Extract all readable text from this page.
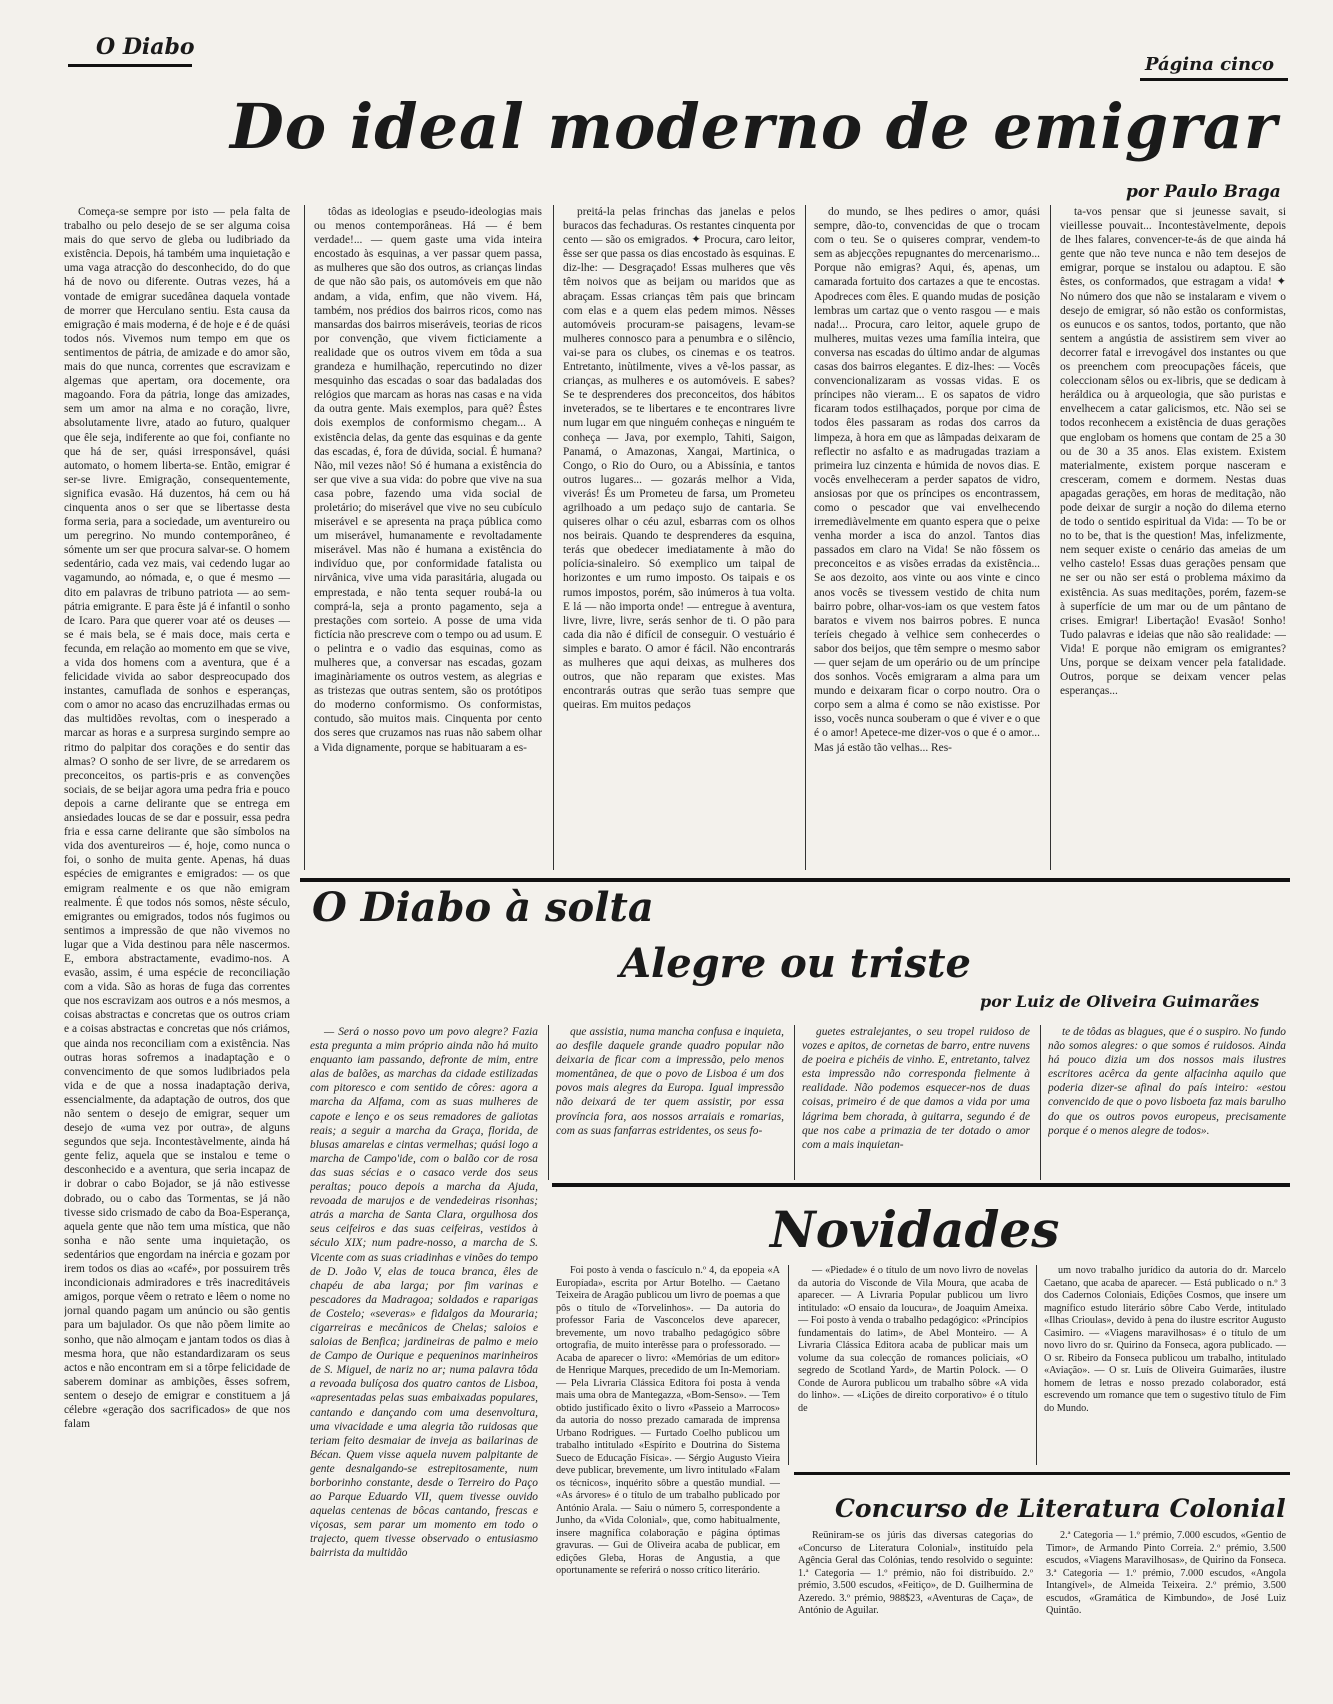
O Diabo
Página cinco
Do ideal moderno de emigrar
por Paulo Braga

Começa-se sempre por isto — pela falta de trabalho ou pelo desejo de se ser alguma coisa mais do que servo de gleba ou ludibriado da existência. Depois, há também uma inquietação e uma vaga atracção do desconhecido, do do que há de novo ou diferente. Outras vezes, há a vontade de emigrar sucedânea daquela vontade de morrer que Herculano sentiu. Esta causa da emigração é mais moderna, é de hoje e é de quási todos nós. Vivemos num tempo em que os sentimentos de pátria, de amizade e do amor são, mais do que nunca, correntes que escravizam e algemas que apertam, ora docemente, ora magoando. Fora da pátria, longe das amizades, sem um amor na alma e no coração, livre, absolutamente livre, atado ao futuro, qualquer que êle seja, indiferente ao que foi, confiante no que há de ser, quási irresponsável, quási automato, o homem liberta-se. Então, emigrar é ser-se livre. Emigração, consequentemente, significa evasão. Há duzentos, há cem ou há cinquenta anos o ser que se libertasse desta forma seria, para a sociedade, um aventureiro ou um peregrino. No mundo contemporâneo, é sómente um ser que procura salvar-se. O homem sedentário, cada vez mais, vai cedendo lugar ao vagamundo, ao nómada, e, o que é mesmo — dito em palavras de tribuno patriota — ao sem-pátria emigrante. E para êste já é infantil o sonho de Icaro. Para que querer voar até os deuses — se é mais bela, se é mais doce, mais certa e fecunda, em relação ao momento em que se vive, a vida dos homens com a aventura, que é a felicidade vivida ao sabor despreocupado dos instantes, camuflada de sonhos e esperanças, com o amor no acaso das encruzilhadas ermas ou das multidões revoltas, com o inesperado a marcar as horas e a surpresa surgindo sempre ao ritmo do palpitar dos corações e do sentir das almas? O sonho de ser livre, de se arredarem os preconceitos, os partis-pris e as convenções sociais, de se beijar agora uma pedra fria e pouco depois a carne delirante que se entrega em ansiedades loucas de se dar e possuir, essa pedra fria e essa carne delirante que são símbolos na vida dos aventureiros — é, hoje, como nunca o foi, o sonho de muita gente. Apenas, há duas espécies de emigrantes e emigrados: — os que emigram realmente e os que não emigram realmente. É que todos nós somos, nêste século, emigrantes ou emigrados, todos nós fugimos ou sentimos a impressão de que não vivemos no lugar que a Vida destinou para nêle nascermos. E, embora abstractamente, evadimo-nos. A evasão, assim, é uma espécie de reconciliação com a vida. São as horas de fuga das correntes que nos escravizam aos outros e a nós mesmos, a coisas abstractas e concretas que os outros criam e a coisas abstractas e concretas que nós criámos, que ainda nos reconciliam com a existência. Nas outras horas sofremos a inadaptação e o convencimento de que somos ludibriados pela vida e de que a nossa inadaptação deriva, essencialmente, da adaptação de outros, dos que não sentem o desejo de emigrar, sequer um desejo de «uma vez por outra», de alguns segundos que seja. Incontestàvelmente, ainda há gente feliz, aquela que se instalou e teme o desconhecido e a aventura, que seria incapaz de ir dobrar o cabo Bojador, se já não estivesse dobrado, ou o cabo das Tormentas, se já não tivesse sido crismado de cabo da Boa-Esperança, aquela gente que não tem uma mística, que não sonha e não sente uma inquietação, os sedentários que engordam na inércia e gozam por irem todos os dias ao «café», por possuirem três incondicionais admiradores e três inacreditáveis amigos, porque vêem o retrato e lêem o nome no jornal quando pagam um anúncio ou são gentis para um bajulador. Os que não põem limite ao sonho, que não almoçam e jantam todos os dias à mesma hora, que não estandardizaram os seus actos e não encontram em si a tôrpe felicidade de saberem dominar as ambições, êsses sofrem, sentem o desejo de emigrar e constituem a já célebre «geração dos sacrificados» de que nos falam

tôdas as ideologias e pseudo-ideologias mais ou menos contemporâneas. Há — é bem verdade!... — quem gaste uma vida inteira encostado às esquinas, a ver passar quem passa, as mulheres que são dos outros, as crianças lindas de que não são pais, os automóveis em que não andam, a vida, enfim, que não vivem. Há, também, nos prédios dos bairros ricos, como nas mansardas dos bairros miseráveis, teorias de ricos por convenção, que vivem ficticiamente a realidade que os outros vivem em tôda a sua grandeza e humilhação, repercutindo no dizer mesquinho das escadas o soar das badaladas dos relógios que marcam as horas nas casas e na vida da outra gente. Mais exemplos, para quê? Êstes dois exemplos de conformismo chegam... A existência delas, da gente das esquinas e da gente das escadas, é, fora de dúvida, social. É humana? Não, mil vezes não! Só é humana a existência do ser que vive a sua vida: do pobre que vive na sua casa pobre, fazendo uma vida social de proletário; do miserável que vive no seu cubículo miserável e se apresenta na praça pública como um miserável, humanamente e revoltadamente miserável. Mas não é humana a existência do indivíduo que, por conformidade fatalista ou nirvânica, vive uma vida parasitária, alugada ou emprestada, e não tenta sequer roubá-la ou comprá-la, seja a pronto pagamento, seja a prestações com sorteio. A posse de uma vida fictícia não prescreve com o tempo ou ad usum. E o pelintra e o vadio das esquinas, como as mulheres que, a conversar nas escadas, gozam imaginàriamente os outros vestem, as alegrias e as tristezas que outras sentem, são os protótipos do moderno conformismo. Os conformistas, contudo, são muitos mais. Cinquenta por cento dos seres que cruzamos nas ruas não sabem olhar a Vida dignamente, porque se habituaram a es-

preitá-la pelas frinchas das janelas e pelos buracos das fechaduras. Os restantes cinquenta por cento — são os emigrados. ✦ Procura, caro leitor, êsse ser que passa os dias encostado às esquinas. E diz-lhe: — Desgraçado! Essas mulheres que vês têm noivos que as beijam ou maridos que as abraçam. Essas crianças têm pais que brincam com elas e a quem elas pedem mimos. Nêsses automóveis procuram-se paisagens, levam-se mulheres connosco para a penumbra e o silêncio, vai-se para os clubes, os cinemas e os teatros. Entretanto, inùtilmente, vives a vê-los passar, as crianças, as mulheres e os automóveis. E sabes? Se te desprenderes dos preconceitos, dos hábitos inveterados, se te libertares e te encontrares livre num lugar em que ninguém conheças e ninguém te conheça — Java, por exemplo, Tahiti, Saigon, Panamá, o Amazonas, Xangai, Martinica, o Congo, o Rio do Ouro, ou a Abissínia, e tantos outros lugares... — gozarás melhor a Vida, viverás! És um Prometeu de farsa, um Prometeu agrilhoado a um pedaço sujo de cantaria. Se quiseres olhar o céu azul, esbarras com os olhos nos beirais. Quando te desprenderes da esquina, terás que obedecer imediatamente à mão do polícia-sinaleiro. Só exemplico um taipal de horizontes e um rumo imposto. Os taipais e os rumos impostos, porém, são inúmeros à tua volta. E lá — não importa onde! — entregue à aventura, livre, livre, livre, serás senhor de ti. O pão para cada dia não é difícil de conseguir. O vestuário é simples e barato. O amor é fácil. Não encontrarás as mulheres que aqui deixas, as mulheres dos outros, que não reparam que existes. Mas encontrarás outras que serão tuas sempre que queiras. Em muitos pedaços

do mundo, se lhes pedires o amor, quási sempre, dão-to, convencidas de que o trocam com o teu. Se o quiseres comprar, vendem-to sem as abjecções repugnantes do mercenarismo... Porque não emigras? Aqui, és, apenas, um camarada fortuito dos cartazes a que te encostas. Apodreces com êles. E quando mudas de posição lembras um cartaz que o vento rasgou — e mais nada!... Procura, caro leitor, aquele grupo de mulheres, muitas vezes uma família inteira, que conversa nas escadas do último andar de algumas casas dos bairros elegantes. E diz-lhes: — Vocês convencionalizaram as vossas vidas. E os príncipes não vieram... E os sapatos de vidro ficaram todos estilhaçados, porque por cima de todos êles passaram as rodas dos carros da limpeza, à hora em que as lâmpadas deixaram de reflectir no asfalto e as madrugadas traziam a primeira luz cinzenta e húmida de novos dias. E vocês envelheceram a perder sapatos de vidro, ansiosas por que os príncipes os encontrassem, como o pescador que vai envelhecendo irremediàvelmente em quanto espera que o peixe venha morder a isca do anzol. Tantos dias passados em claro na Vida! Se não fôssem os preconceitos e as visões erradas da existência... Se aos dezoito, aos vinte ou aos vinte e cinco anos vocês se tivessem vestido de chita num bairro pobre, olhar-vos-iam os que vestem fatos baratos e vivem nos bairros pobres. E nunca teríeis chegado à velhice sem conhecerdes o sabor dos beijos, que têm sempre o mesmo sabor — quer sejam de um operário ou de um príncipe dos sonhos. Vocês emigraram a alma para um mundo e deixaram ficar o corpo noutro. Ora o corpo sem a alma é como se não existisse. Por isso, vocês nunca souberam o que é viver e o que é o amor! Apetece-me dizer-vos o que é o amor... Mas já estão tão velhas... Res-

ta-vos pensar que si jeunesse savait, si vieillesse pouvait... Incontestàvelmente, depois de lhes falares, convencer-te-ás de que ainda há gente que não teve nunca e não tem desejos de emigrar, porque se instalou ou adaptou. E são êstes, os conformados, que estragam a vida! ✦ No número dos que não se instalaram e vivem o desejo de emigrar, só não estão os conformistas, os eunucos e os santos, todos, portanto, que não sentem a angústia de assistirem sem viver ao decorrer fatal e irrevogável dos instantes ou que os preenchem com preocupações fáceis, que coleccionam sêlos ou ex-libris, que se dedicam à heráldica ou à arqueologia, que são puristas e envelhecem a catar galicismos, etc. Não sei se todos reconhecem a existência de duas gerações que englobam os homens que contam de 25 a 30 ou de 30 a 35 anos. Elas existem. Existem materialmente, existem porque nasceram e cresceram, comem e dormem. Nestas duas apagadas gerações, em horas de meditação, não pode deixar de surgir a noção do dilema eterno de todo o sentido espiritual da Vida: — To be or no to be, that is the question! Mas, infelizmente, nem sequer existe o cenário das ameias de um velho castelo! Essas duas gerações pensam que ne ser ou não ser está o problema máximo da existência. As suas meditações, porém, fazem-se à superfície de um mar ou de um pântano de crises. Emigrar! Libertação! Evasão! Sonho! Tudo palavras e ideias que não são realidade: — Vida! E porque não emigram os emigrantes? Uns, porque se deixam vencer pela fatalidade. Outros, porque se deixam vencer pelas esperanças...

O Diabo à solta
Alegre ou triste
por Luiz de Oliveira Guimarães

— Será o nosso povo um povo alegre? Fazia esta pregunta a mim próprio ainda não há muito enquanto iam passando, defronte de mim, entre alas de balões, as marchas da cidade estilizadas com pitoresco e com sentido de côres: agora a marcha da Alfama, com as suas mulheres de capote e lenço e os seus remadores de galiotas reais; a seguir a marcha da Graça, florida, de blusas amarelas e cintas vermelhas; quási logo a marcha de Campo'ide, com o balão cor de rosa das suas sécias e o casaco verde dos seus peraltas; pouco depois a marcha da Ajuda, revoada de marujos e de vendedeiras risonhas; atrás a marcha de Santa Clara, orgulhosa dos seus ceifeiros e das suas ceifeiras, vestidos à século XIX; num padre-nosso, a marcha de S. Vicente com as suas criadinhas e vinões do tempo de D. João V, elas de touca branca, êles de chapéu de aba larga; por fim varinas e pescadores da Madragoa; soldados e raparigas de Costelo; «severas» e fidalgos da Mouraria; cigarreiras e mecânicos de Chelas; saloios e saloias de Benfica; jardineiras de palmo e meio de Campo de Ourique e pequeninos marinheiros de S. Miguel, de nariz no ar; numa palavra tôda a revoada bulíçosa dos quatro cantos de Lisboa, «apresentadas pelas suas embaixadas populares, cantando e dançando com uma desenvoltura, uma vivacidade e uma alegria tão ruidosas que teriam feito desmaiar de inveja as bailarinas de Bécan. Quem visse aquela nuvem palpitante de gente desnalgando-se estrepitosamente, num borborinho constante, desde o Terreiro do Paço ao Parque Eduardo VII, quem tivesse ouvido aquelas centenas de bôcas cantando, frescas e viçosas, sem parar um momento em todo o trajecto, quem tivesse observado o entusiasmo bairrista da multidão

que assistia, numa mancha confusa e inquieta, ao desfile daquele grande quadro popular não deixaria de ficar com a impressão, pelo menos momentânea, de que o povo de Lisboa é um dos povos mais alegres da Europa. Igual impressão não deixará de ter quem assistir, por essa província fora, aos nossos arraiais e romarias, com as suas fanfarras estridentes, os seus fo-

guetes estralejantes, o seu tropel ruidoso de vozes e apitos, de cornetas de barro, entre nuvens de poeira e pichéis de vinho. E, entretanto, talvez esta impressão não corresponda fielmente à realidade. Não podemos esquecer-nos de duas coisas, primeiro é de que damos a vida por uma lágrima bem chorada, à guitarra, segundo é de que nos cabe a primazia de ter dotado o amor com a mais inquietan-

te de tôdas as blagues, que é o suspiro. No fundo não somos alegres: o que somos é ruidosos. Ainda há pouco dizia um dos nossos mais ilustres escritores acêrca da gente alfacinha aquilo que poderia dizer-se afinal do país inteiro: «estou convencido de que o povo lisboeta faz mais barulho do que os outros povos europeus, precisamente porque é o menos alegre de todos».

Novidades

Foi posto à venda o fascículo n.º 4, da epopeia «A Europíada», escrita por Artur Botelho. — Caetano Teixeira de Aragão publicou um livro de poemas a que pôs o título de «Torvelinhos». — Da autoria do professor Faria de Vasconcelos deve aparecer, brevemente, um novo trabalho pedagógico sôbre ortografia, de muito interêsse para o professorado. — Acaba de aparecer o livro: «Memórias de um editor» de Henrique Marques, precedido de um In-Memoriam. — Pela Livraria Clássica Editora foi posta à venda mais uma obra de Mantegazza, «Bom-Senso». — Tem obtido justificado êxito o livro «Passeio a Marrocos» da autoria do nosso prezado camarada de imprensa Urbano Rodrigues. — Furtado Coelho publicou um trabalho intitulado «Espírito e Doutrina do Sistema Sueco de Educação Física». — Sérgio Augusto Vieira deve publicar, brevemente, um livro intitulado «Falam os técnicos», inquérito sôbre a questão mundial. — «As árvores» é o título de um trabalho publicado por António Arala. — Saiu o número 5, correspondente a Junho, da «Vida Colonial», que, como habitualmente, insere magnífica colaboração e página óptimas gravuras. — Gui de Oliveira acaba de publicar, em edições Gleba, Horas de Angustia, a que oportunamente se referirá o nosso crítico literário.

— «Piedade» é o título de um novo livro de novelas da autoria do Visconde de Vila Moura, que acaba de aparecer. — A Livraria Popular publicou um livro intitulado: «O ensaio da loucura», de Joaquim Ameixa. — Foi posto à venda o trabalho pedagógico: «Princípios fundamentais do latim», de Abel Monteiro. — A Livraria Clássica Editora acaba de publicar mais um volume da sua colecção de romances policiais, «O segredo de Scotland Yard», de Martin Polock. — O Conde de Aurora publicou um trabalho sôbre «A vida do linho». — «Lições de direito corporativo» é o título de

um novo trabalho jurídico da autoria do dr. Marcelo Caetano, que acaba de aparecer. — Está publicado o n.º 3 dos Cadernos Coloniais, Edições Cosmos, que insere um magnífico estudo literário sôbre Cabo Verde, intitulado «Ilhas Crioulas», devido à pena do ilustre escritor Augusto Casimiro. — «Viagens maravilhosas» é o título de um novo livro do sr. Quirino da Fonseca, agora publicado. — O sr. Ribeiro da Fonseca publicou um trabalho, intitulado «Aviação». — O sr. Luís de Oliveira Guimarães, ilustre homem de letras e nosso prezado colaborador, está escrevendo um romance que tem o sugestivo título de Fim do Mundo.

Concurso de Literatura Colonial

Reüniram-se os júris das diversas categorias do «Concurso de Literatura Colonial», instituído pela Agência Geral das Colónias, tendo resolvido o seguinte: 1.ª Categoria — 1.º prémio, não foi distribuído. 2.º prémio, 3.500 escudos, «Feitiço», de D. Guilhermina de Azeredo. 3.º prémio, 988$23, «Aventuras de Caça», de António de Aguilar.

2.ª Categoria — 1.º prémio, 7.000 escudos, «Gentio de Timor», de Armando Pinto Correia. 2.º prémio, 3.500 escudos, «Viagens Maravilhosas», de Quirino da Fonseca. 3.ª Categoria — 1.º prémio, 7.000 escudos, «Angola Intangível», de Almeida Teixeira. 2.º prémio, 3.500 escudos, «Gramática de Kimbundo», de José Luiz Quintão.
